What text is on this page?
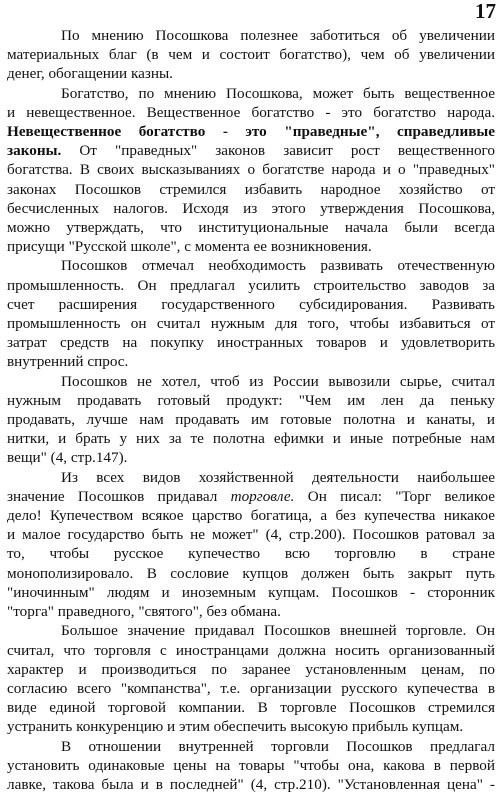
17
По мнению Посошкова полезнее заботиться об увеличении
материальных благ (в чем и состоит богатство), чем об увеличении
денег, обогащении казны.
Богатство, по мнению Посошкова, может быть вещественное
и невещественное. Вещественное богатство - это богатство народа.
Невещественное богатство - это "праведные", справедливые
законы. От "праведных" законов зависит рост вещественного
богатства. В своих высказываниях о богатстве народа и о "праведных"
законах Посошков стремился избавить народное хозяйство от
бесчисленных налогов. Исходя из этого утверждения Посошкова,
можно утверждать, что институциональные начала были всегда
присущи "Русской школе", с момента ее возникновения.
Посошков отмечал необходимость развивать отечественную
промышленность. Он предлагал усилить строительство заводов за
счет расширения государственного субсидирования. Развивать
промышленность он считал нужным для того, чтобы избавиться от
затрат средств на покупку иностранных товаров и удовлетворить
внутренний спрос.
Посошков не хотел, чтоб из России вывозили сырье, считал
нужным продавать готовый продукт: "Чем им лен да пеньку
продавать, лучше нам продавать им готовые полотна и канаты, и
нитки, и брать у них за те полотна ефимки и иные потребные нам
вещи" (4, стр.147).
Из всех видов хозяйственной деятельности наибольшее
значение Посошков придавал торговле. Он писал: "Торг великое
дело! Купечеством всякое царство богатица, а без купечества никакое
и малое государство быть не может" (4, стр.200). Посошков ратовал за
то, чтобы русское купечество всю торговлю в стране
монополизировало. В сословие купцов должен быть закрыт путь
"иночинным" людям и иноземным купцам. Посошков - сторонник
"торга" праведного, "святого", без обмана.
Большое значение придавал Посошков внешней торговле. Он
считал, что торговля с иностранцами должна носить организованный
характер и производиться по заранее установленным ценам, по
согласию всего "компанства", т.е. организации русского купечества в
виде единой торговой компании. В торговле Посошков стремился
устранить конкуренцию и этим обеспечить высокую прибыль купцам.
В отношении внутренней торговли Посошков предлагал
установить одинаковые цены на товары "чтобы она, какова в первой
лавке, такова была и в последней" (4, стр.210). "Установленная цена" -
